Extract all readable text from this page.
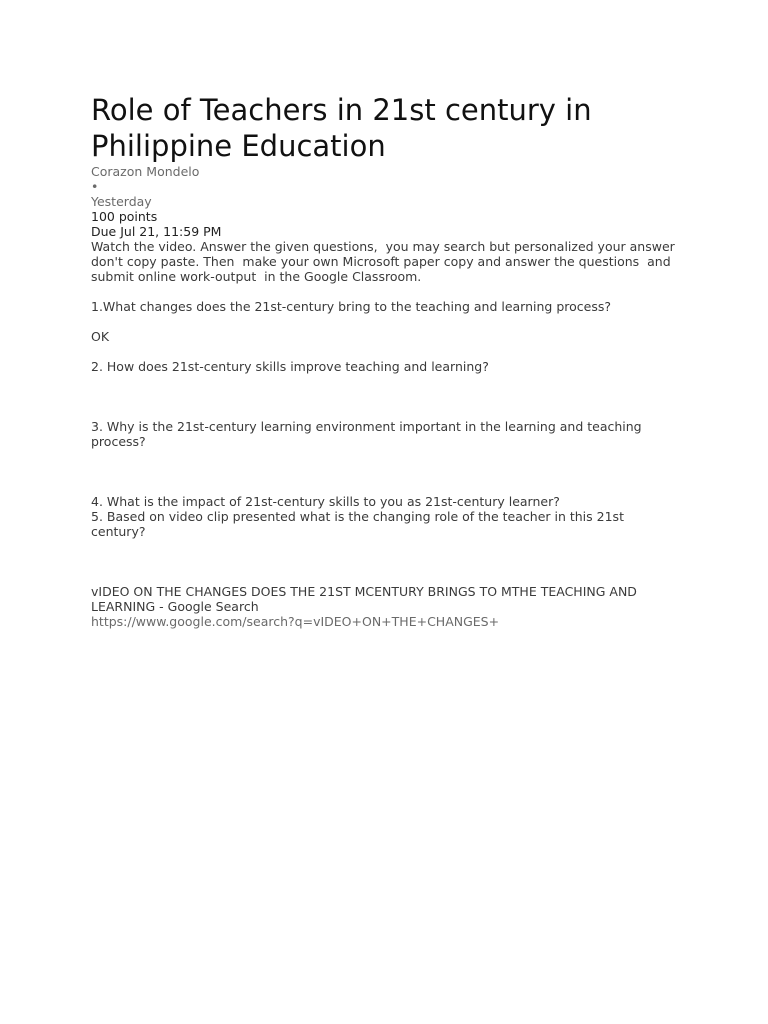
Role of Teachers in 21st century in Philippine Education
Corazon Mondelo
•
Yesterday
100 points
Due Jul 21, 11:59 PM
Watch the video. Answer the given questions,  you may search but personalized your answer don't copy paste. Then  make your own Microsoft paper copy and answer the questions  and submit online work-output  in the Google Classroom.
1.What changes does the 21st-century bring to the teaching and learning process?
OK
2. How does 21st-century skills improve teaching and learning?
3. Why is the 21st-century learning environment important in the learning and teaching process?
4. What is the impact of 21st-century skills to you as 21st-century learner?
5. Based on video clip presented what is the changing role of the teacher in this 21st century?
vIDEO ON THE CHANGES DOES THE 21ST MCENTURY BRINGS TO MTHE TEACHING AND LEARNING - Google Search
https://www.google.com/search?q=vIDEO+ON+THE+CHANGES+
